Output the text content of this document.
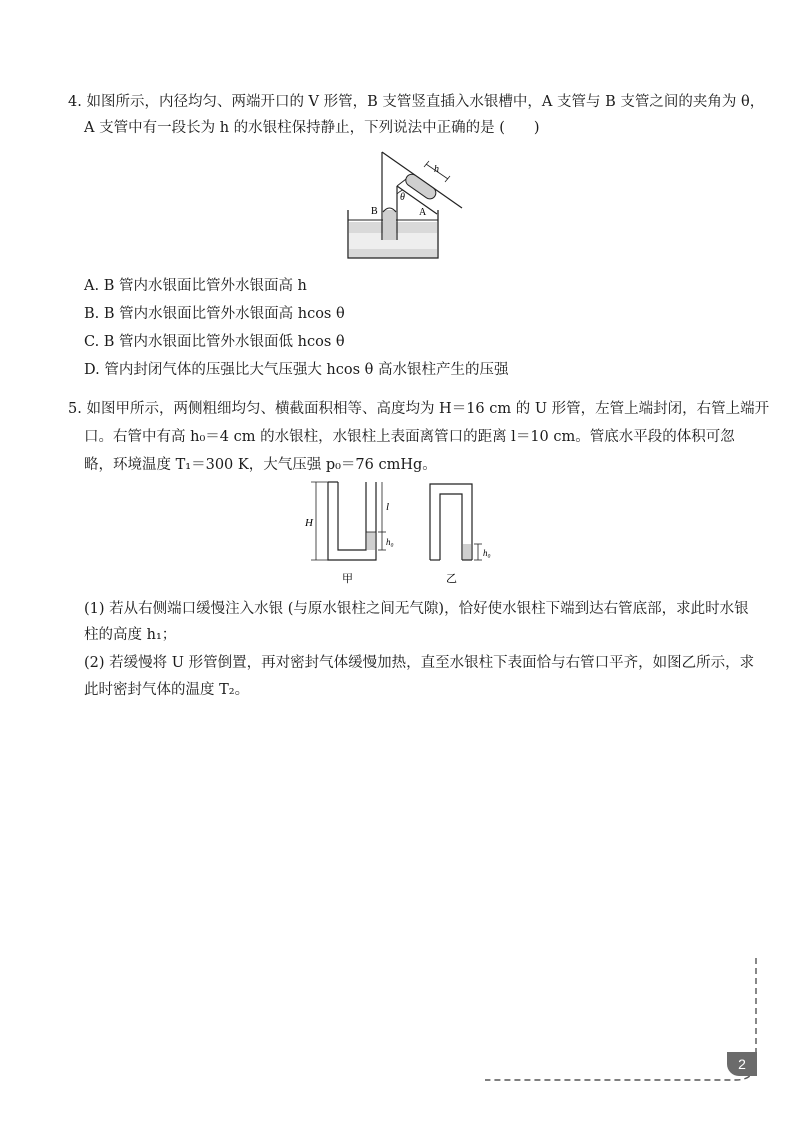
4. 如图所示，内径均匀、两端开口的 V 形管，B 支管竖直插入水银槽中，A 支管与 B 支管之间的夹角为 θ，
A 支管中有一段长为 h 的水银柱保持静止，下列说法中正确的是 (　　)
h
θ
B	A
A. B 管内水银面比管外水银面高 h
B. B 管内水银面比管外水银面高 hcos θ
C. B 管内水银面比管外水银面低 hcos θ
D. 管内封闭气体的压强比大气压强大 hcos θ 高水银柱产生的压强
5. 如图甲所示，两侧粗细均匀、横截面积相等、高度均为 H＝16 cm 的 U 形管，左管上端封闭，右管上端开
口。右管中有高 h₀＝4 cm 的水银柱，水银柱上表面离管口的距离 l＝10 cm。管底水平段的体积可忽
略，环境温度 T₁＝300 K，大气压强 p₀＝76 cmHg。
H
l
h₀
甲
h₀
乙
(1) 若从右侧端口缓慢注入水银 (与原水银柱之间无气隙)，恰好使水银柱下端到达右管底部，求此时水银
柱的高度 h₁；
(2) 若缓慢将 U 形管倒置，再对密封气体缓慢加热，直至水银柱下表面恰与右管口平齐，如图乙所示，求
此时密封气体的温度 T₂。
2
